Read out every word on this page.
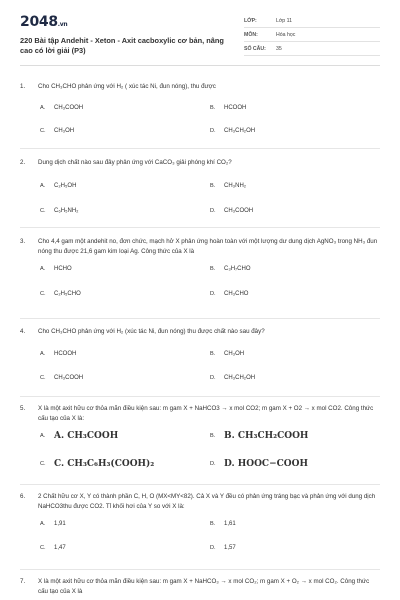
2048.vn
220 Bài tập Andehit - Xeton - Axit cacboxylic cơ bản, nâng cao có lời giải (P3)
LỚP:	Lớp 11
MÔN:	Hóa học
SỐ CÂU:	35
1.	Cho CH₃CHO phản ứng với H₂ ( xúc tác Ni, đun nóng), thu được
A.	CH₃COOH	B.	HCOOH
C.	CH₃OH	D.	CH₃CH₂OH
2.	Dung dịch chất nào sau đây phản ứng với CaCO₃ giải phóng khí CO₂?
A.	C₂H₅OH	B.	CH₃NH₂
C.	C₆H₅NH₂	D.	CH₃COOH
3.	Cho 4,4 gam một andehit no, đơn chức, mạch hở X phản ứng hoàn toàn với một lượng dư dung dịch AgNO₃ trong NH₃ đun nóng thu được 21,6 gam kim loại Ag. Công thức của X là
A.	HCHO	B.	C₃H₇CHO
C.	C₂H₅CHO	D.	CH₃CHO
4.	Cho CH₃CHO phản ứng với H₂ (xúc tác Ni, đun nóng) thu được chất nào sau đây?
A.	HCOOH	B.	CH₃OH
C.	CH₃COOH	D.	CH₃CH₂OH
5.	X là một axit hữu cơ thỏa mãn điều kiện sau: m gam X + NaHCO3 → x mol CO2; m gam X + O2 → x mol CO2. Công thức cấu tạo của X là:
A. A. CH₃COOH	B. B. CH₃CH₂COOH
C. C. CH₃C₆H₃(COOH)₂	D. D. HOOC−COOH
6.	2 Chất hữu cơ X, Y có thành phần C, H, O (MX<MY<82). Cả X và Y đều có phản ứng tráng bạc và phản ứng với dung dịch NaHCO3thu được CO2. Tỉ khối hơi của Y so với X là:
A.	1,91	B.	1,61
C.	1,47	D.	1,57
7.	X là một axit hữu cơ thỏa mãn điều kiện sau: m gam X + NaHCO₃ → x mol CO₂; m gam X + O₂ → x mol CO₂. Công thức cấu tạo của X là
